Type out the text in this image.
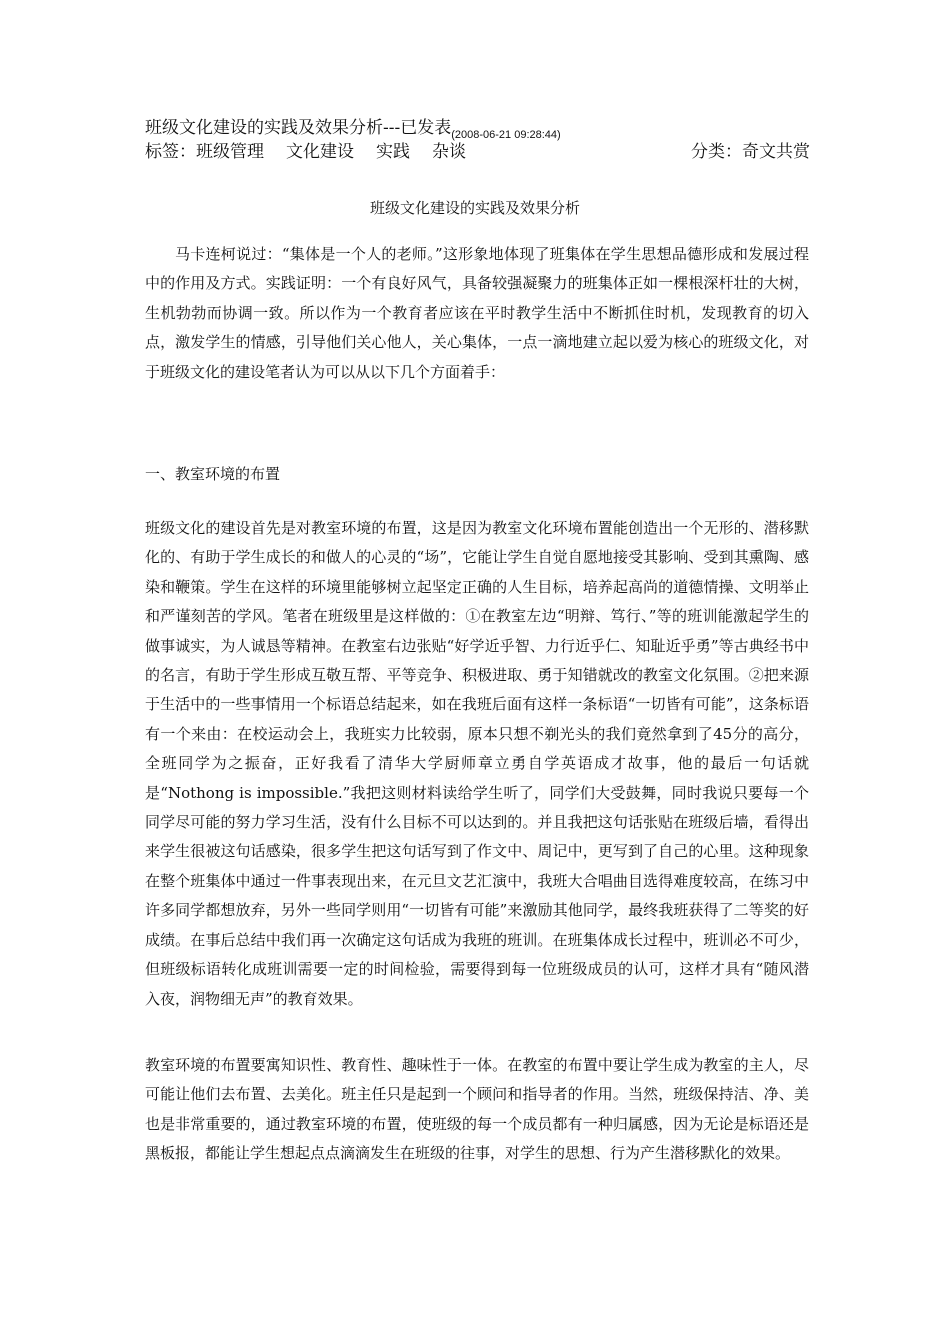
班级文化建设的实践及效果分析---已发表$_{(2008-06-21 09:28:44)}$
标签：班级管理 文化建设 实践 杂谈	分类：奇文共赏
班级文化建设的实践及效果分析

马卡连柯说过：“集体是一个人的老师。”这形象地体现了班集体在学生思想品德形成和发展过程中的作用及方式。实践证明：一个有良好风气，具备较强凝聚力的班集体正如一棵根深杆壮的大树，生机勃勃而协调一致。所以作为一个教育者应该在平时教学生活中不断抓住时机，发现教育的切入点，激发学生的情感，引导他们关心他人，关心集体，一点一滴地建立起以爱为核心的班级文化，对于班级文化的建设笔者认为可以从以下几个方面着手：

一、教室环境的布置

班级文化的建设首先是对教室环境的布置，这是因为教室文化环境布置能创造出一个无形的、潜移默化的、有助于学生成长的和做人的心灵的“场”，它能让学生自觉自愿地接受其影响、受到其熏陶、感染和鞭策。学生在这样的环境里能够树立起坚定正确的人生目标，培养起高尚的道德情操、文明举止和严谨刻苦的学风。笔者在班级里是这样做的：①在教室左边“明辩、笃行、”等的班训能激起学生的做事诚实，为人诚恳等精神。在教室右边张贴“好学近乎智、力行近乎仁、知耻近乎勇”等古典经书中的名言，有助于学生形成互敬互帮、平等竞争、积极进取、勇于知错就改的教室文化氛围。②把来源于生活中的一些事情用一个标语总结起来，如在我班后面有这样一条标语“一切皆有可能”，这条标语有一个来由：在校运动会上，我班实力比较弱，原本只想不剃光头的我们竟然拿到了45分的高分，全班同学为之振奋，正好我看了清华大学厨师章立勇自学英语成才故事，他的最后一句话就是“Nothong is impossible.”我把这则材料读给学生听了，同学们大受鼓舞，同时我说只要每一个同学尽可能的努力学习生活，没有什么目标不可以达到的。并且我把这句话张贴在班级后墙，看得出来学生很被这句话感染，很多学生把这句话写到了作文中、周记中，更写到了自己的心里。这种现象在整个班集体中通过一件事表现出来，在元旦文艺汇演中，我班大合唱曲目选得难度较高，在练习中许多同学都想放弃，另外一些同学则用“一切皆有可能”来激励其他同学，最终我班获得了二等奖的好成绩。在事后总结中我们再一次确定这句话成为我班的班训。在班集体成长过程中，班训必不可少，但班级标语转化成班训需要一定的时间检验，需要得到每一位班级成员的认可，这样才具有“随风潜入夜，润物细无声”的教育效果。

教室环境的布置要寓知识性、教育性、趣味性于一体。在教室的布置中要让学生成为教室的主人，尽可能让他们去布置、去美化。班主任只是起到一个顾问和指导者的作用。当然，班级保持洁、净、美也是非常重要的，通过教室环境的布置，使班级的每一个成员都有一种归属感，因为无论是标语还是黑板报，都能让学生想起点点滴滴发生在班级的往事，对学生的思想、行为产生潜移默化的效果。
